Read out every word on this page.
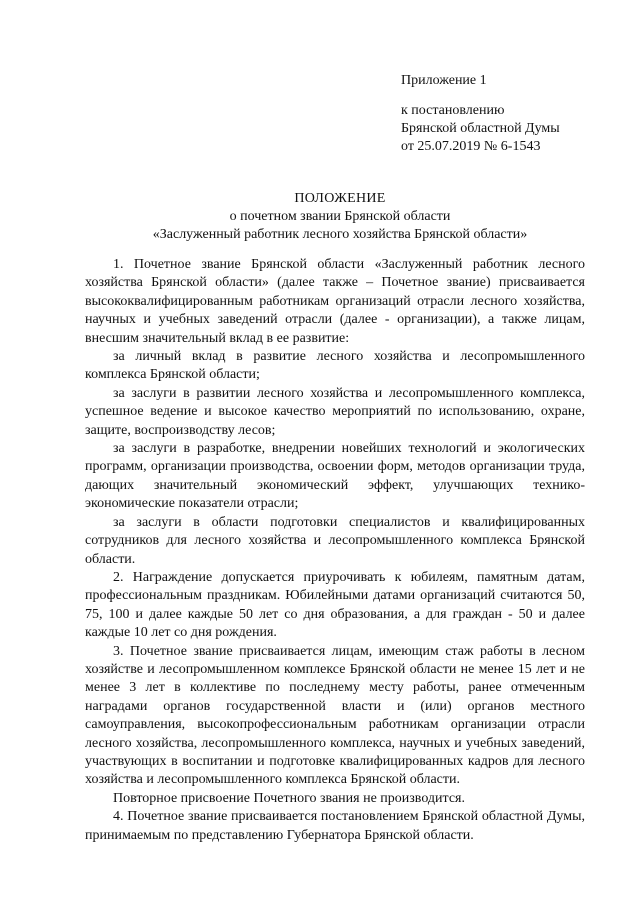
Приложение 1
к постановлению
Брянской областной Думы
от 25.07.2019 № 6-1543
ПОЛОЖЕНИЕ
о почетном звании Брянской области
«Заслуженный работник лесного хозяйства Брянской области»

1. Почетное звание Брянской области «Заслуженный работник лесного хозяйства Брянской области» (далее также – Почетное звание) присваивается высококвалифицированным работникам организаций отрасли лесного хозяйства, научных и учебных заведений отрасли (далее - организации), а также лицам, внесшим значительный вклад в ее развитие:

за личный вклад в развитие лесного хозяйства и лесопромышленного комплекса Брянской области;

за заслуги в развитии лесного хозяйства и лесопромышленного комплекса, успешное ведение и высокое качество мероприятий по использованию, охране, защите, воспроизводству лесов;

за заслуги в разработке, внедрении новейших технологий и экологических программ, организации производства, освоении форм, методов организации труда, дающих значительный экономический эффект, улучшающих технико-экономические показатели отрасли;

за заслуги в области подготовки специалистов и квалифицированных сотрудников для лесного хозяйства и лесопромышленного комплекса Брянской области.

2. Награждение допускается приурочивать к юбилеям, памятным датам, профессиональным праздникам. Юбилейными датами организаций считаются 50, 75, 100 и далее каждые 50 лет со дня образования, а для граждан - 50 и далее каждые 10 лет со дня рождения.

3. Почетное звание присваивается лицам, имеющим стаж работы в лесном хозяйстве и лесопромышленном комплексе Брянской области не менее 15 лет и не менее 3 лет в коллективе по последнему месту работы, ранее отмеченным наградами органов государственной власти и (или) органов местного самоуправления, высокопрофессиональным работникам организации отрасли лесного хозяйства, лесопромышленного комплекса, научных и учебных заведений, участвующих в воспитании и подготовке квалифицированных кадров для лесного хозяйства и лесопромышленного комплекса Брянской области.

Повторное присвоение Почетного звания не производится.

4. Почетное звание присваивается постановлением Брянской областной Думы, принимаемым по представлению Губернатора Брянской области.
